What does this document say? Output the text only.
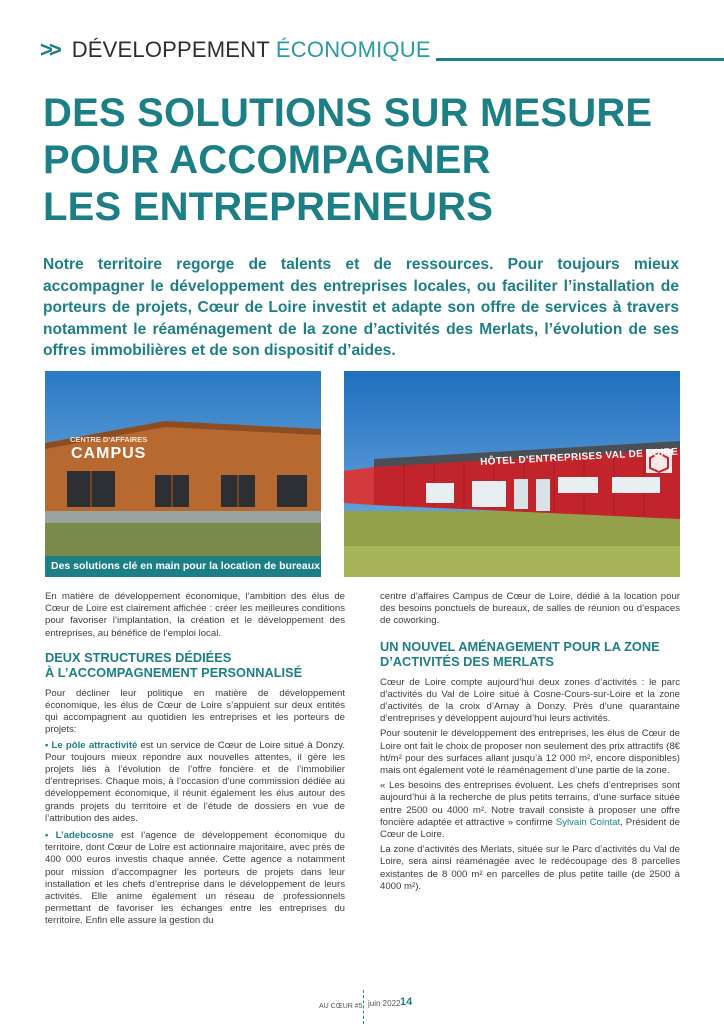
>> DÉVELOPPEMENT ÉCONOMIQUE
DES SOLUTIONS SUR MESURE
POUR ACCOMPAGNER
LES ENTREPRENEURS

Notre territoire regorge de talents et de ressources. Pour toujours mieux accompagner le développement des entreprises locales, ou faciliter l’installation de porteurs de projets, Cœur de Loire investit et adapte son offre de services à travers notamment le réaménagement de la zone d’activités des Merlats, l’évolution de ses offres immobilières et de son dispositif d’aides.

CENTRE D'AFFAIRES
CAMPUS
Des solutions clé en main pour la location de bureaux
HÔTEL D'ENTREPRISES VAL DE LOIRE

En matière de développement économique, l’ambition des élus de Cœur de Loire est clairement affichée : créer les meilleures conditions pour favoriser l’implantation, la création et le développement des entreprises, au bénéfice de l’emploi local.

DEUX STRUCTURES DÉDIÉES
À L’ACCOMPAGNEMENT PERSONNALISÉ

Pour décliner leur politique en matière de développement économique, les élus de Cœur de Loire s’appuient sur deux entités qui accompagnent au quotidien les entreprises et les porteurs de projets:

• Le pôle attractivité est un service de Cœur de Loire situé à Donzy. Pour toujours mieux répondre aux nouvelles attentes, il gère les projets liés à l’évolution de l’offre foncière et de l’immobilier d’entreprises. Chaque mois, à l’occasion d’une commission dédiée au développement économique, il réunit également les élus autour des grands projets du territoire et de l’étude de dossiers en vue de l’attribution des aides.

• L’adebcosne est l’agence de développement économique du territoire, dont Cœur de Loire est actionnaire majoritaire, avec près de 400 000 euros investis chaque année. Cette agence a notamment pour mission d’accompagner les porteurs de projets dans leur installation et les chefs d’entreprise dans le développement de leurs activités. Elle anime également un réseau de professionnels permettant de favoriser les échanges entre les entreprises du territoire. Enfin elle assure la gestion du

centre d’affaires Campus de Cœur de Loire, dédié à la location pour des besoins ponctuels de bureaux, de salles de réunion ou d’espaces de coworking.

UN NOUVEL AMÉNAGEMENT POUR LA ZONE
D’ACTIVITÉS DES MERLATS

Cœur de Loire compte aujourd’hui deux zones d’activités : le parc d’activités du Val de Loire situé à Cosne-Cours-sur-Loire et la zone d’activités de la croix d’Arnay à Donzy. Près d’une quarantaine d’entreprises y développent aujourd’hui leurs activités.

Pour soutenir le développement des entreprises, les élus de Cœur de Loire ont fait le choix de proposer non seulement des prix attractifs (8€ ht/m² pour des surfaces allant jusqu’à 12 000 m², encore disponibles) mais ont également voté le réaménagement d’une partie de la zone.

« Les besoins des entreprises évoluent. Les chefs d’entreprises sont aujourd’hui à la recherche de plus petits terrains, d’une surface située entre 2500 ou 4000 m². Notre travail consiste à proposer une offre foncière adaptée et attractive » confirme Sylvain Cointat, Président de Cœur de Loire.

La zone d’activités des Merlats, située sur le Parc d’activités du Val de Loire, sera ainsi réaménagée avec le redécoupage des 8 parcelles existantes de 8 000 m² en parcelles de plus petite taille (de 2500 à 4000 m²).

AU CŒUR #5 juin 2022 14
